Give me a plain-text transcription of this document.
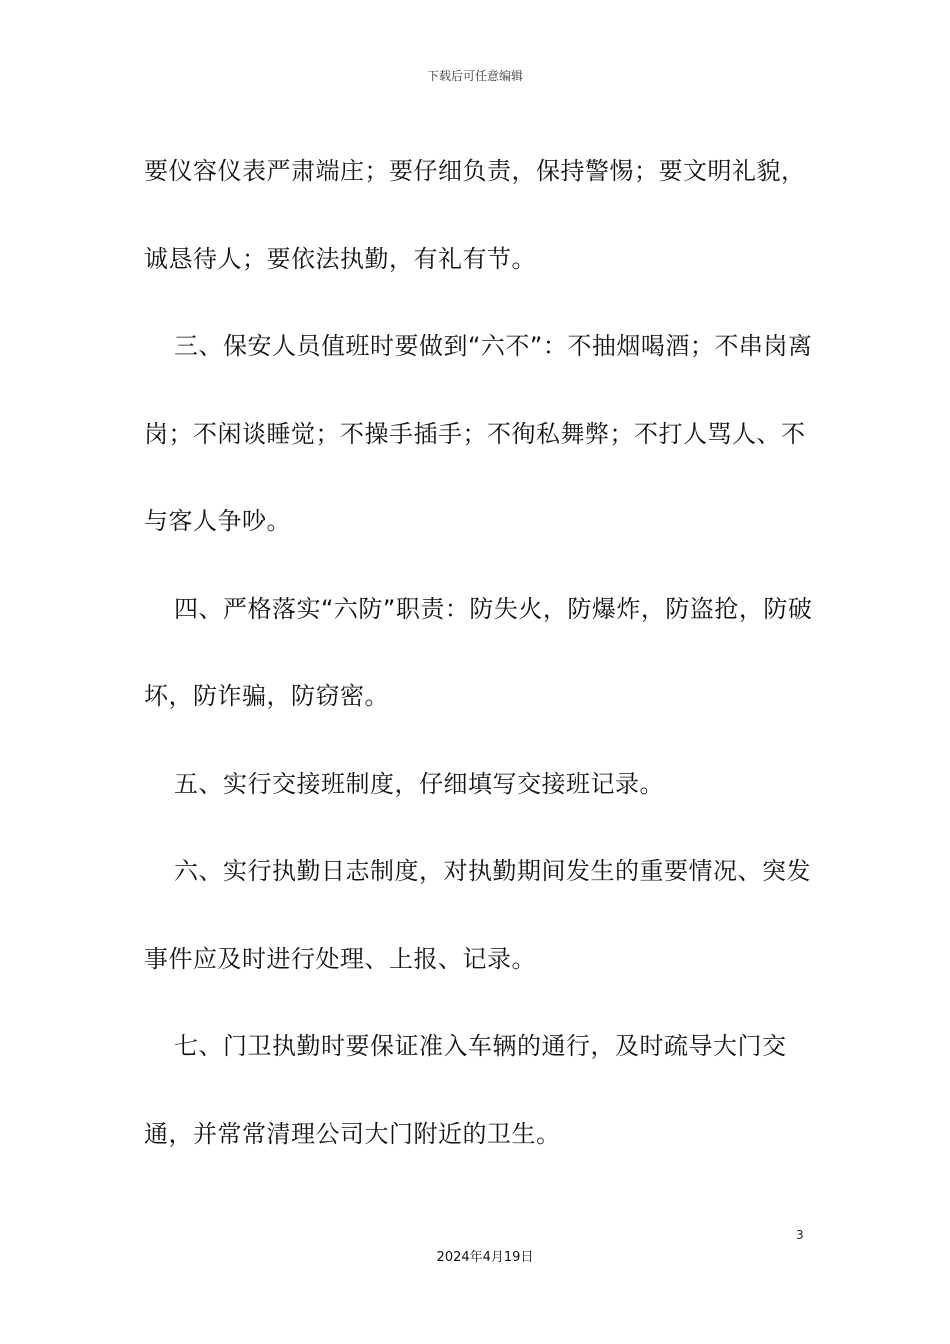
下载后可任意编辑

要仪容仪表严肃端庄；要仔细负责，保持警惕；要文明礼貌，诚恳待人；要依法执勤，有礼有节。

三、保安人员值班时要做到“六不”：不抽烟喝酒；不串岗离岗；不闲谈睡觉；不操手插手；不徇私舞弊；不打人骂人、不与客人争吵。

四、严格落实“六防”职责：防失火，防爆炸，防盗抢，防破坏，防诈骗，防窃密。

五、实行交接班制度，仔细填写交接班记录。

六、实行执勤日志制度，对执勤期间发生的重要情况、突发事件应及时进行处理、上报、记录。

七、门卫执勤时要保证准入车辆的通行，及时疏导大门交通，并常常清理公司大门附近的卫生。

3
2024年4月19日
